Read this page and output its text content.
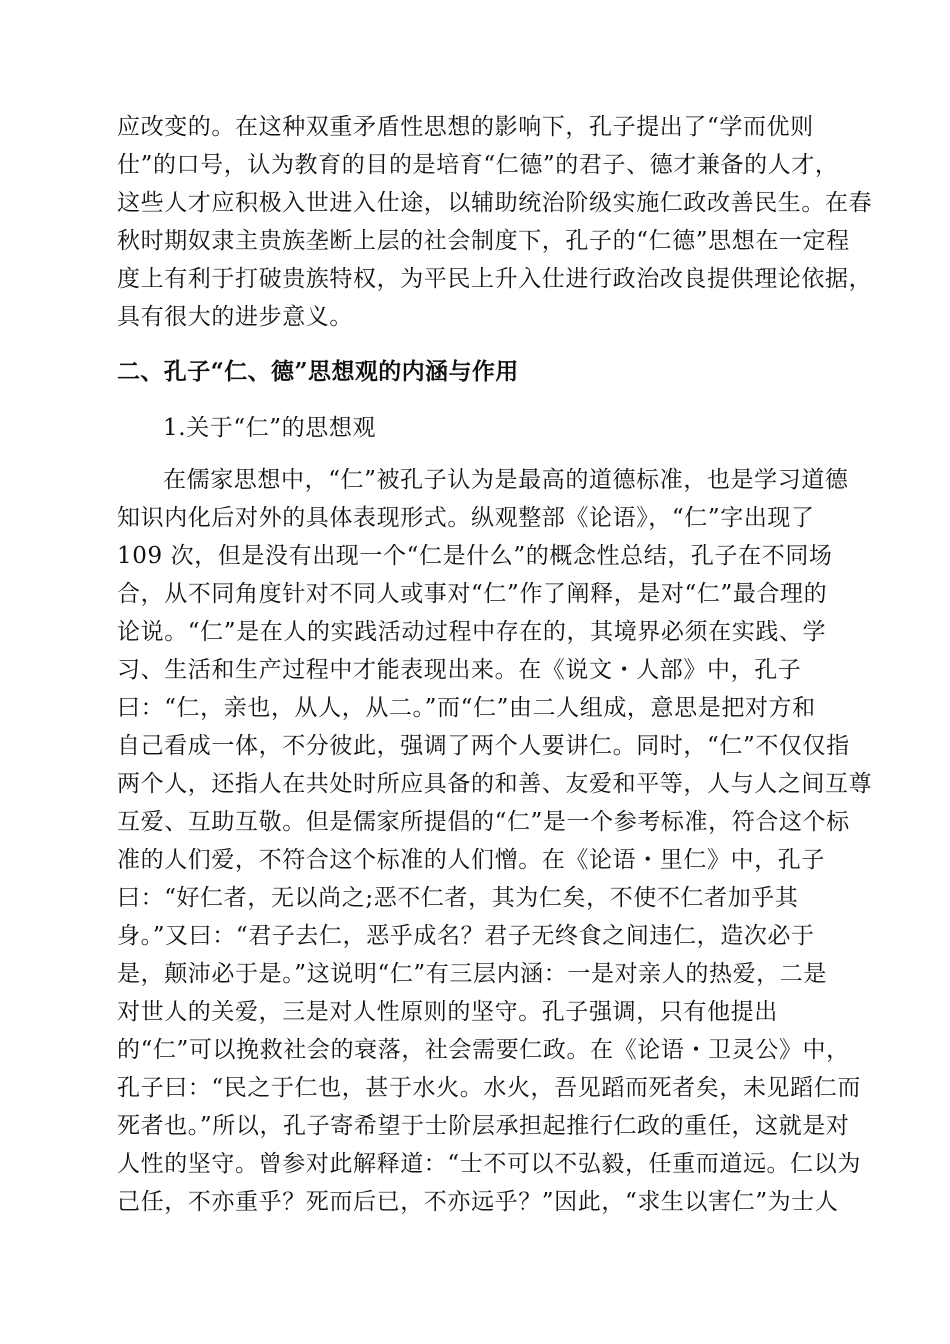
应改变的。在这种双重矛盾性思想的影响下，孔子提出了“学而优则
仕”的口号，认为教育的目的是培育“仁德”的君子、德才兼备的人才，
这些人才应积极入世进入仕途，以辅助统治阶级实施仁政改善民生。在春
秋时期奴隶主贵族垄断上层的社会制度下，孔子的“仁德”思想在一定程
度上有利于打破贵族特权，为平民上升入仕进行政治改良提供理论依据，
具有很大的进步意义。
二、孔子“仁、德”思想观的内涵与作用
1.关于“仁”的思想观
在儒家思想中，“仁”被孔子认为是最高的道德标准，也是学习道德
知识内化后对外的具体表现形式。纵观整部《论语》，“仁”字出现了
109 次，但是没有出现一个“仁是什么”的概念性总结，孔子在不同场
合，从不同角度针对不同人或事对“仁”作了阐释，是对“仁”最合理的
论说。“仁”是在人的实践活动过程中存在的，其境界必须在实践、学
习、生活和生产过程中才能表现出来。在《说文・人部》中，孔子
曰：“仁，亲也，从人，从二。”而“仁”由二人组成，意思是把对方和
自己看成一体，不分彼此，强调了两个人要讲仁。同时，“仁”不仅仅指
两个人，还指人在共处时所应具备的和善、友爱和平等，人与人之间互尊
互爱、互助互敬。但是儒家所提倡的“仁”是一个参考标准，符合这个标
准的人们爱，不符合这个标准的人们憎。在《论语・里仁》中，孔子
曰：“好仁者，无以尚之;恶不仁者，其为仁矣，不使不仁者加乎其
身。”又曰：“君子去仁，恶乎成名？君子无终食之间违仁，造次必于
是，颠沛必于是。”这说明“仁”有三层内涵：一是对亲人的热爱，二是
对世人的关爱，三是对人性原则的坚守。孔子强调，只有他提出
的“仁”可以挽救社会的衰落，社会需要仁政。在《论语・卫灵公》中，
孔子曰：“民之于仁也，甚于水火。水火，吾见蹈而死者矣，未见蹈仁而
死者也。”所以，孔子寄希望于士阶层承担起推行仁政的重任，这就是对
人性的坚守。曾参对此解释道：“士不可以不弘毅，任重而道远。仁以为
己任，不亦重乎？死而后已，不亦远乎？”因此，“求生以害仁”为士人
